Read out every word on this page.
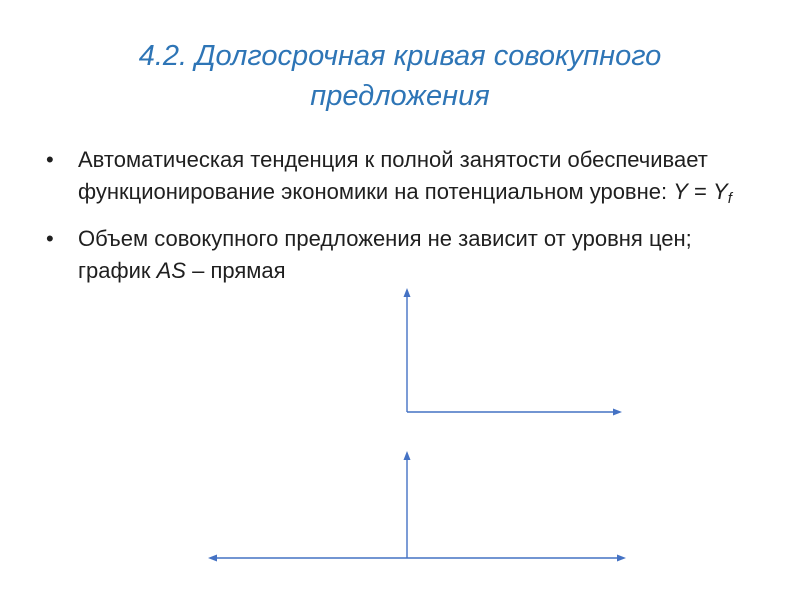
4.2. Долгосрочная кривая совокупного
предложения
• Автоматическая тенденция к полной занятости обеспечивает функционирование экономики на потенциальном уровне: $Y = Y_f$
• Объем совокупного предложения не зависит от уровня цен; график AS – прямая
